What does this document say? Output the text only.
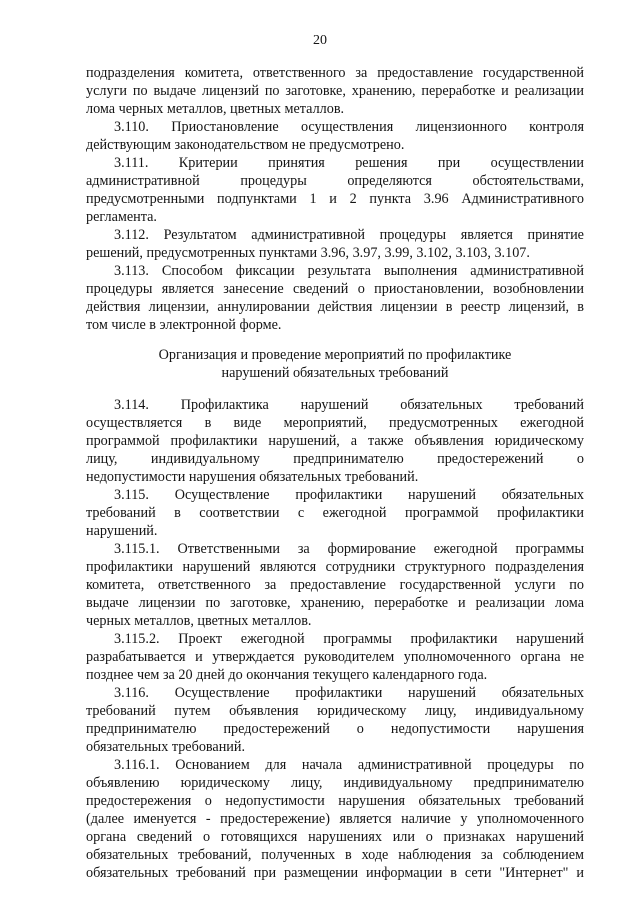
20
подразделения комитета, ответственного за предоставление государственной
услуги по выдаче лицензий по заготовке, хранению, переработке и реализации
лома черных металлов, цветных металлов.
3.110. Приостановление осуществления лицензионного контроля
действующим законодательством не предусмотрено.
3.111. Критерии принятия решения при осуществлении
административной процедуры определяются обстоятельствами,
предусмотренными подпунктами 1 и 2 пункта 3.96 Административного
регламента.
3.112. Результатом административной процедуры является принятие
решений, предусмотренных пунктами 3.96, 3.97, 3.99, 3.102, 3.103, 3.107.
3.113. Способом фиксации результата выполнения административной
процедуры является занесение сведений о приостановлении, возобновлении
действия лицензии, аннулировании действия лицензии в реестр лицензий, в
том числе в электронной форме.
Организация и проведение мероприятий по профилактике
нарушений обязательных требований
3.114. Профилактика нарушений обязательных требований
осуществляется в виде мероприятий, предусмотренных ежегодной
программой профилактики нарушений, а также объявления юридическому
лицу, индивидуальному предпринимателю предостережений о
недопустимости нарушения обязательных требований.
3.115. Осуществление профилактики нарушений обязательных
требований в соответствии с ежегодной программой профилактики
нарушений.
3.115.1. Ответственными за формирование ежегодной программы
профилактики нарушений являются сотрудники структурного подразделения
комитета, ответственного за предоставление государственной услуги по
выдаче лицензии по заготовке, хранению, переработке и реализации лома
черных металлов, цветных металлов.
3.115.2. Проект ежегодной программы профилактики нарушений
разрабатывается и утверждается руководителем уполномоченного органа не
позднее чем за 20 дней до окончания текущего календарного года.
3.116. Осуществление профилактики нарушений обязательных
требований путем объявления юридическому лицу, индивидуальному
предпринимателю предостережений о недопустимости нарушения
обязательных требований.
3.116.1. Основанием для начала административной процедуры по
объявлению юридическому лицу, индивидуальному предпринимателю
предостережения о недопустимости нарушения обязательных требований
(далее именуется - предостережение) является наличие у уполномоченного
органа сведений о готовящихся нарушениях или о признаках нарушений
обязательных требований, полученных в ходе наблюдения за соблюдением
обязательных требований при размещении информации в сети "Интернет" и
